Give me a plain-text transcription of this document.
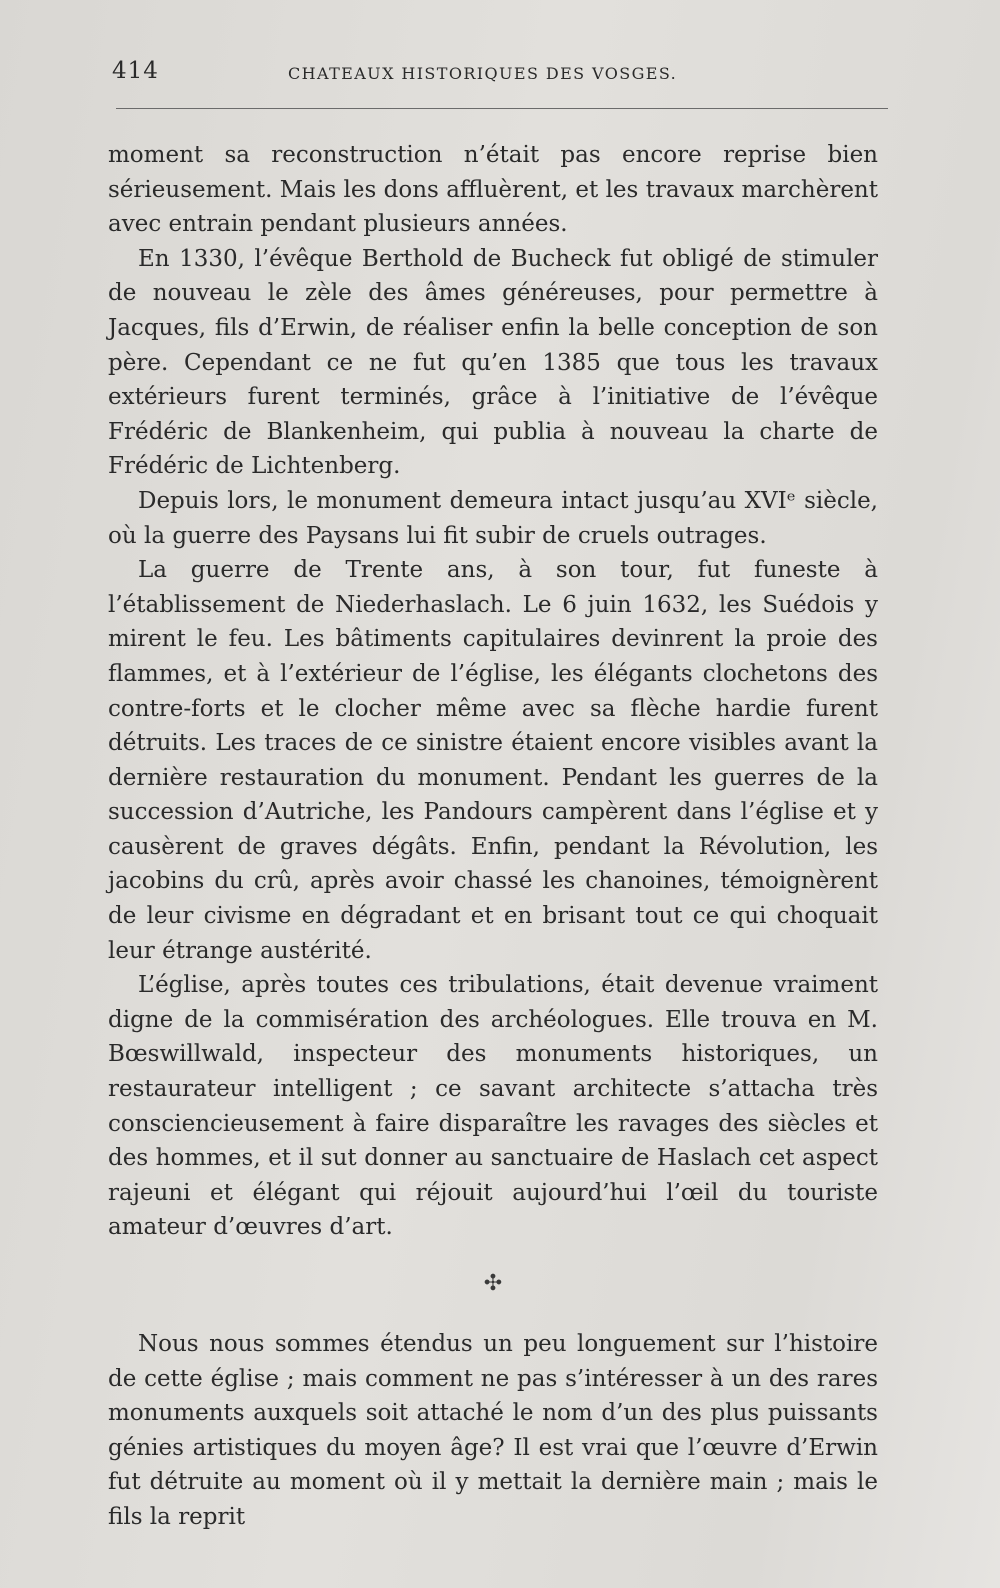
414	CHATEAUX HISTORIQUES DES VOSGES.

moment sa reconstruction n’était pas encore reprise bien sérieusement. Mais les dons affluèrent, et les travaux marchèrent avec entrain pendant plusieurs années.

En 1330, l’évêque Berthold de Bucheck fut obligé de stimuler de nouveau le zèle des âmes généreuses, pour permettre à Jacques, fils d’Erwin, de réaliser enfin la belle conception de son père. Cependant ce ne fut qu’en 1385 que tous les travaux extérieurs furent terminés, grâce à l’initiative de l’évêque Frédéric de Blankenheim, qui publia à nouveau la charte de Frédéric de Lichtenberg.

Depuis lors, le monument demeura intact jusqu’au XVIᵉ siècle, où la guerre des Paysans lui fit subir de cruels outrages.

La guerre de Trente ans, à son tour, fut funeste à l’établissement de Niederhaslach. Le 6 juin 1632, les Suédois y mirent le feu. Les bâtiments capitulaires devinrent la proie des flammes, et à l’extérieur de l’église, les élégants clochetons des contre-forts et le clocher même avec sa flèche hardie furent détruits. Les traces de ce sinistre étaient encore visibles avant la dernière restauration du monument. Pendant les guerres de la succession d’Autriche, les Pandours campèrent dans l’église et y causèrent de graves dégâts. Enfin, pendant la Révolution, les jacobins du crû, après avoir chassé les chanoines, témoignèrent de leur civisme en dégradant et en brisant tout ce qui choquait leur étrange austérité.

L’église, après toutes ces tribulations, était devenue vraiment digne de la commisération des archéologues. Elle trouva en M. Bœswillwald, inspecteur des monuments historiques, un restaurateur intelligent ; ce savant architecte s’attacha très consciencieusement à faire disparaître les ravages des siècles et des hommes, et il sut donner au sanctuaire de Haslach cet aspect rajeuni et élégant qui réjouit aujourd’hui l’œil du touriste amateur d’œuvres d’art.

✣

Nous nous sommes étendus un peu longuement sur l’histoire de cette église ; mais comment ne pas s’intéresser à un des rares monuments auxquels soit attaché le nom d’un des plus puissants génies artistiques du moyen âge? Il est vrai que l’œuvre d’Erwin fut détruite au moment où il y mettait la dernière main ; mais le fils la reprit
